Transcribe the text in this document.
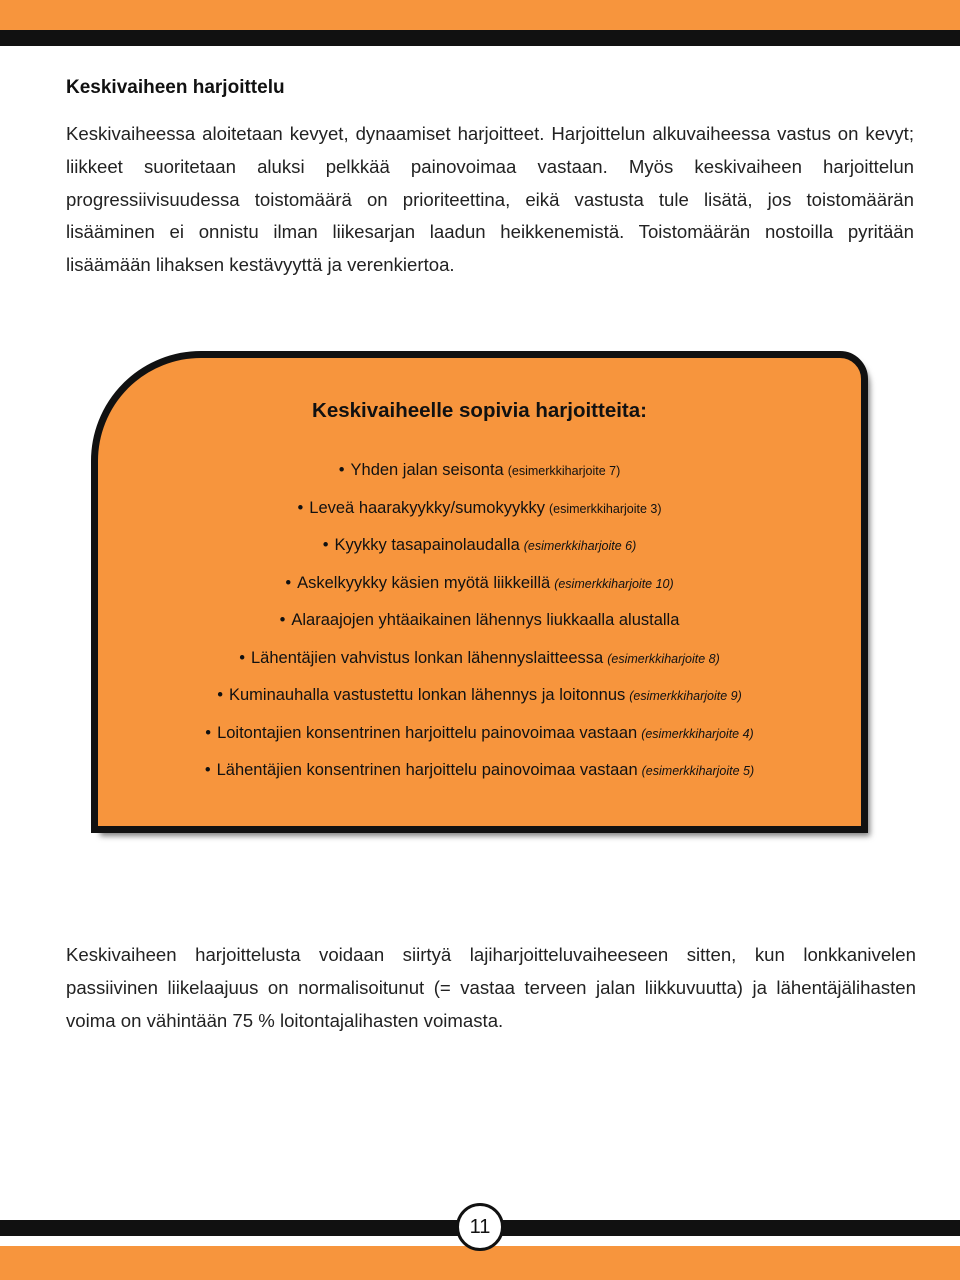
Keskivaiheen harjoittelu

Keskivaiheessa aloitetaan kevyet, dynaamiset harjoitteet. Harjoittelun alkuvaiheessa vastus on kevyt; liikkeet suoritetaan aluksi pelkkää painovoimaa vastaan. Myös keskivaiheen harjoittelun progressiivisuudessa toistomäärä on prioriteettina, eikä vastusta tule lisätä, jos toistomäärän lisääminen ei onnistu ilman liikesarjan laadun heikkenemistä. Toistomäärän nostoilla pyritään lisäämään lihaksen kestävyyttä ja verenkiertoa.

Keskivaiheelle sopivia harjoitteita:
• Yhden jalan seisonta (esimerkkiharjoite 7)
• Leveä haarakyykky/sumokyykky (esimerkkiharjoite 3)
• Kyykky tasapainolaudalla (esimerkkiharjoite 6)
• Askelkyykky käsien myötä liikkeillä (esimerkkiharjoite 10)
• Alaraajojen yhtäaikainen lähennys liukkaalla alustalla
• Lähentäjien vahvistus lonkan lähennyslaitteessa (esimerkkiharjoite 8)
• Kuminauhalla vastustettu lonkan lähennys ja loitonnus (esimerkkiharjoite 9)
• Loitontajien konsentrinen harjoittelu painovoimaa vastaan (esimerkkiharjoite 4)
• Lähentäjien konsentrinen harjoittelu painovoimaa vastaan (esimerkkiharjoite 5)

Keskivaiheen harjoittelusta voidaan siirtyä lajiharjoitteluvaiheeseen sitten, kun lonkkanivelen passiivinen liikelaajuus on normalisoitunut (= vastaa terveen jalan liikkuvuutta) ja lähentäjälihasten voima on vähintään 75 % loitontajalihasten voimasta.

11
